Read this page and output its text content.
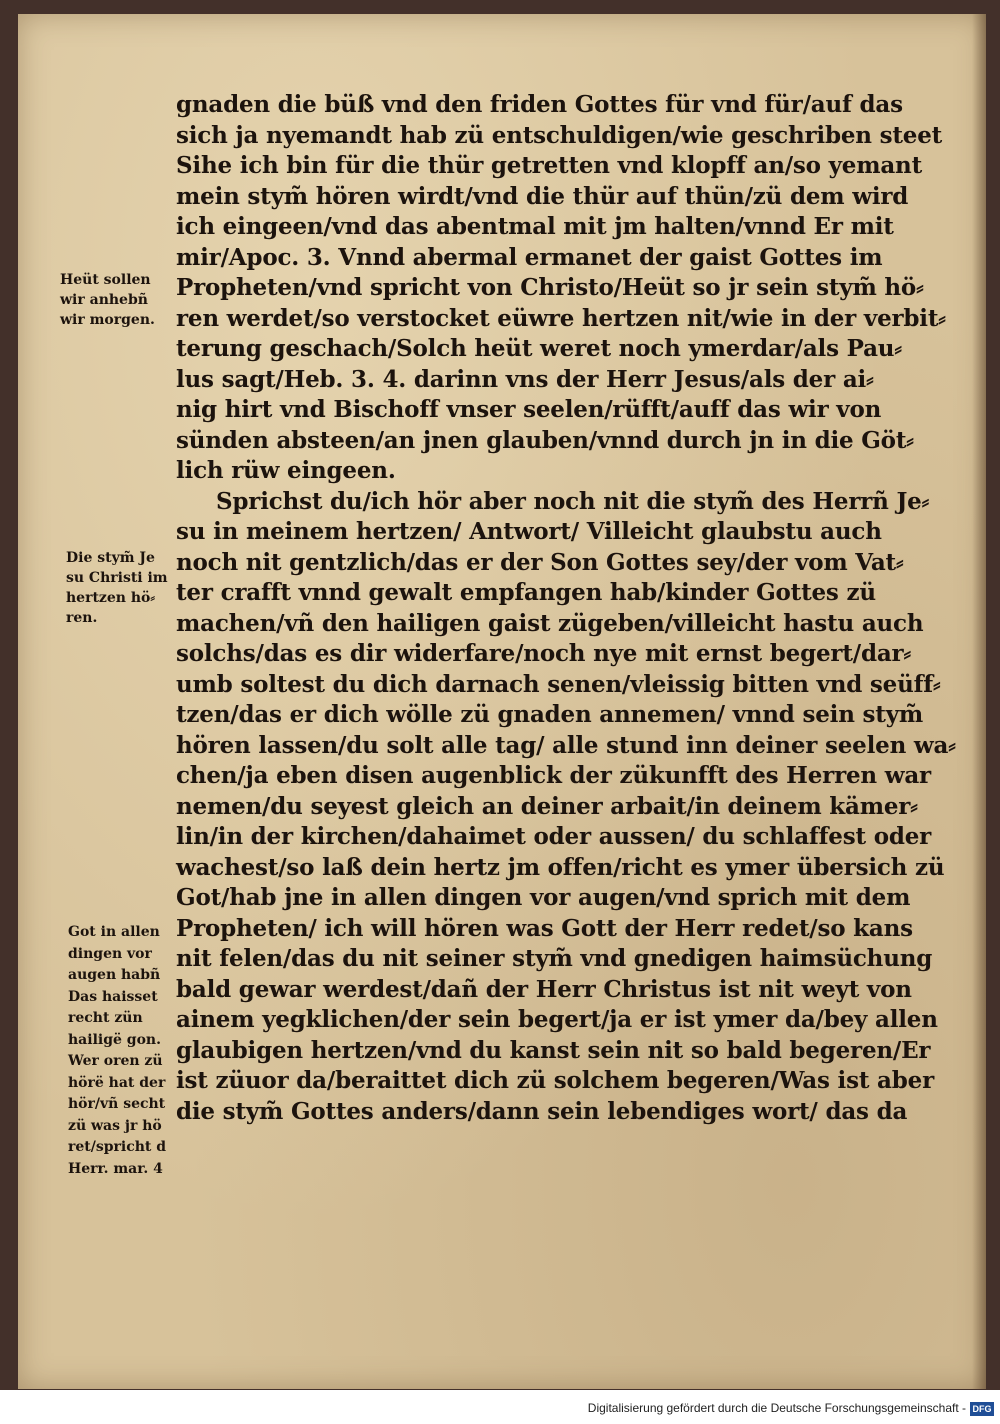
gnaden die büß vnd den friden Gottes für vnd für/auf das
sich ja nyemandt hab zü entschuldigen/wie geschriben steet
Sihe ich bin für die thür getretten vnd klopff an/so yemant
mein stym̃ hören wirdt/vnd die thür auf thün/zü dem wird
ich eingeen/vnd das abentmal mit jm halten/vnnd Er mit
mir/Apoc. 3. Vnnd abermal ermanet der gaist Gottes im
Propheten/vnd spricht von Christo/Heüt so jr sein stym̃ hö⸗
ren werdet/so verstocket eüwre hertzen nit/wie in der verbit⸗
terung geschach/Solch heüt weret noch ymerdar/als Pau⸗
lus sagt/Heb. 3. 4. darinn vns der Herr Jesus/als der ai⸗
nig hirt vnd Bischoff vnser seelen/rüfft/auff das wir von
sünden absteen/an jnen glauben/vnnd durch jn in die Göt⸗
lich rüw eingeen.
Sprichst du/ich hör aber noch nit die stym̃ des Herrñ Je⸗
su in meinem hertzen/ Antwort/ Villeicht glaubstu auch
noch nit gentzlich/das er der Son Gottes sey/der vom Vat⸗
ter crafft vnnd gewalt empfangen hab/kinder Gottes zü
machen/vñ den hailigen gaist zügeben/villeicht hastu auch
solchs/das es dir widerfare/noch nye mit ernst begert/dar⸗
umb soltest du dich darnach senen/vleissig bitten vnd seüff⸗
tzen/das er dich wölle zü gnaden annemen/ vnnd sein stym̃
hören lassen/du solt alle tag/ alle stund inn deiner seelen wa⸗
chen/ja eben disen augenblick der zükunfft des Herren war
nemen/du seyest gleich an deiner arbait/in deinem kämer⸗
lin/in der kirchen/dahaimet oder aussen/ du schlaffest oder
wachest/so laß dein hertz jm offen/richt es ymer übersich zü
Got/hab jne in allen dingen vor augen/vnd sprich mit dem
Propheten/ ich will hören was Gott der Herr redet/so kans
nit felen/das du nit seiner stym̃ vnd gnedigen haimsüchung
bald gewar werdest/dañ der Herr Christus ist nit weyt von
ainem yegklichen/der sein begert/ja er ist ymer da/bey allen
glaubigen hertzen/vnd du kanst sein nit so bald begeren/Er
ist züuor da/beraittet dich zü solchem begeren/Was ist aber
die stym̃ Gottes anders/dann sein lebendiges wort/ das da
Heüt sollen
wir anhebñ
wir morgen.
Die stym̃ Je
su Christi im
hertzen hö⸗
ren.
Got in allen
dingen vor
augen habñ
Das haisset
recht zün
hailigë gon.
Wer oren zü
hörë hat der
hör/vñ secht
zü was jr hö
ret/spricht d
Herr. mar. 4
Digitalisierung gefördert durch die Deutsche Forschungsgemeinschaft - DFG
